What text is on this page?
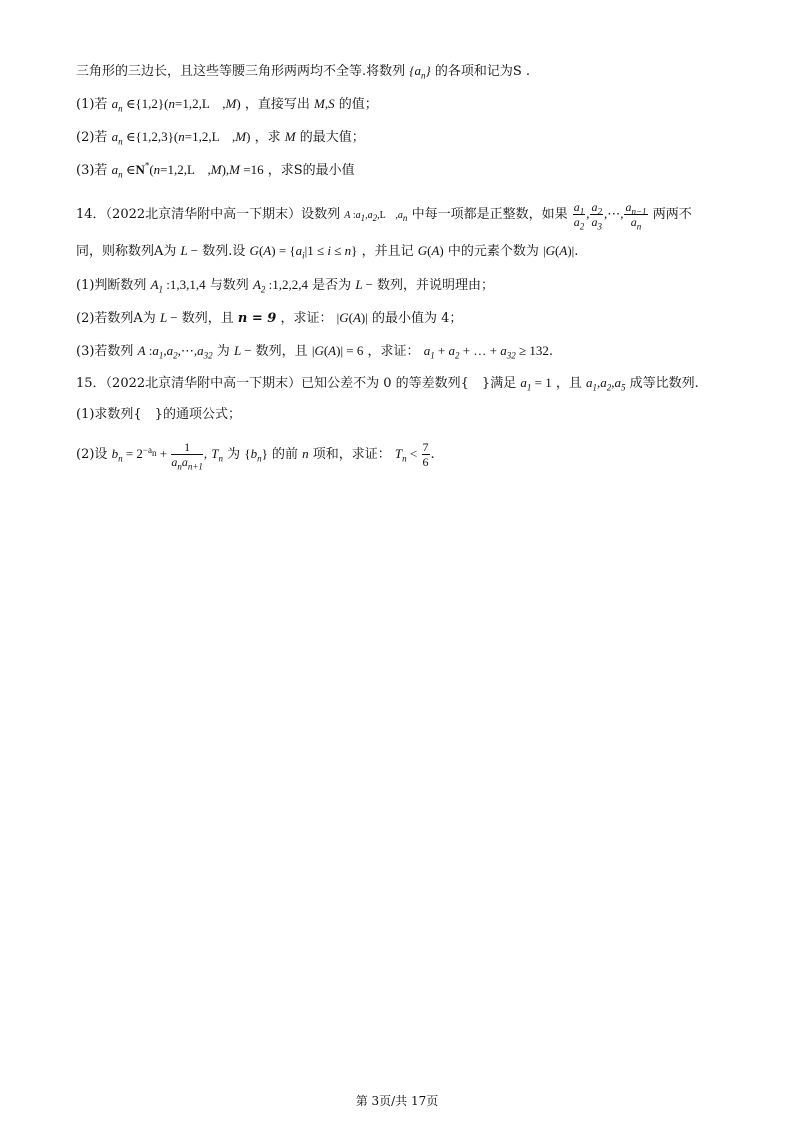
三角形的三边长，且这些等腰三角形两两均不全等.将数列 $\{a_n\}$ 的各项和记为S .
(1)若 $a_n$ ∈{1,2}(n=1,2,L　,M) ，直接写出 M,S 的值；
(2)若 $a_n$ ∈{1,2,3}(n=1,2,L　,M) ，求 M 的最大值；
(3)若 $a_n$ ∈N*(n=1,2,L　,M),M =16 ，求S的最小值
14．（2022北京清华附中高一下期末）设数列 A $:a_1,a_2,L$　$,a_n$ 中每一项都是正整数，如果 $\frac{a_1}{a_2}$ , $\frac{a_2}{a_3}$ ,⋯, $\frac{a_{n-1}}{a_n}$ 两两不
同，则称数列A为 L − 数列.设 $G(A) = \{a_i|1 \le i \le n\}$ ，并且记 G(A) 中的元素个数为 |G(A)|.
(1)判断数列 $A_1$ :1,3,1,4 与数列 $A_2$ :1,2,2,4 是否为 L − 数列，并说明理由；
(2)若数列A为 L − 数列，且 n = 9 ，求证： |G(A)| 的最小值为 4；
(3)若数列 A $:a_1,a_2,\cdots,a_{32}$ 为 L − 数列，且 |G(A)| = 6 ，求证： $a_1 + a_2$ + … + $a_{32} \ge 132$.
15．（2022北京清华附中高一下期末）已知公差不为 0 的等差数列{　}满足 $a_1 = 1$ ，且 $a_1,a_2,a_5$ 成等比数列.
(1)求数列{　}的通项公式；
(2)设 $b_n = 2^{-a_n} + \frac{1}{a_na_{n+1}}$ , $T_n$ 为 $\{b_n\}$ 的前 n 项和，求证： $T_n < \frac{7}{6}$ .
第 3页/共 17页
